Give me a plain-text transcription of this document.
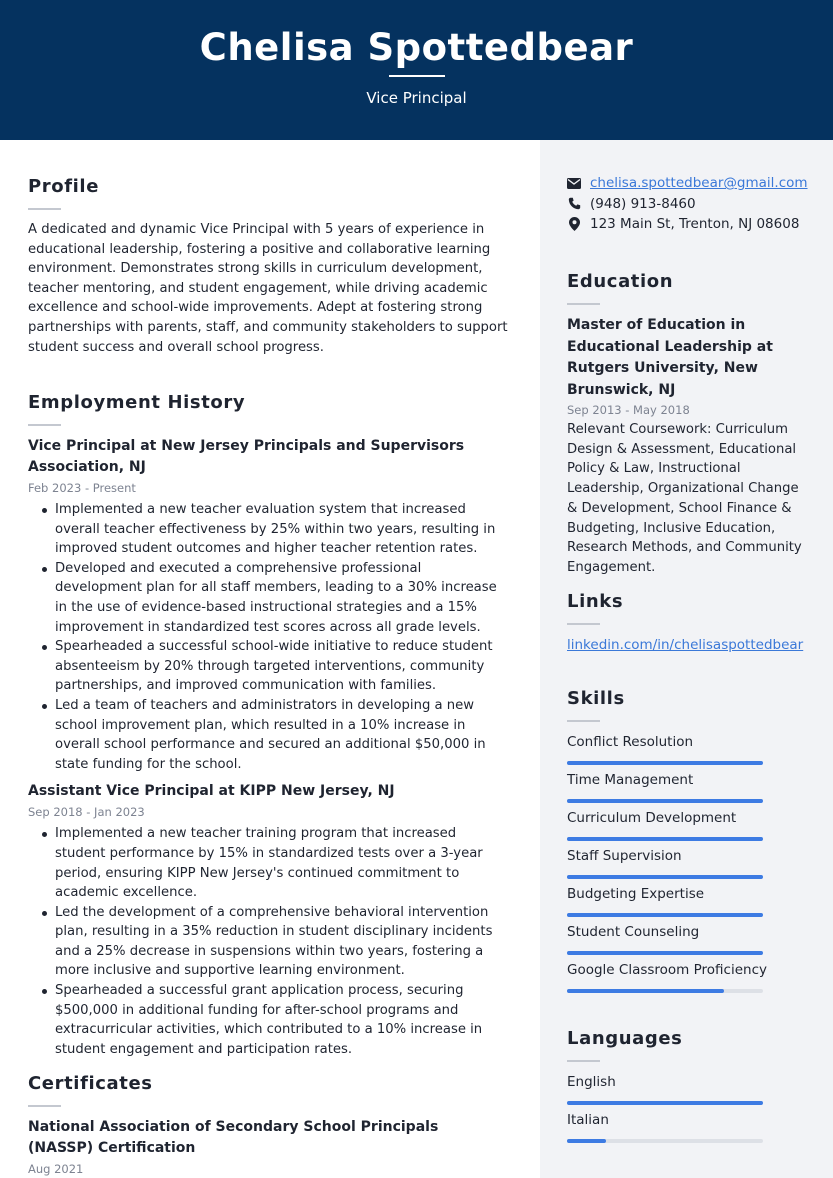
Chelisa Spottedbear
Vice Principal
Profile
A dedicated and dynamic Vice Principal with 5 years of experience in educational leadership, fostering a positive and collaborative learning environment. Demonstrates strong skills in curriculum development, teacher mentoring, and student engagement, while driving academic excellence and school-wide improvements. Adept at fostering strong partnerships with parents, staff, and community stakeholders to support student success and overall school progress.
Employment History
Vice Principal at New Jersey Principals and Supervisors Association, NJ
Feb 2023 - Present
Implemented a new teacher evaluation system that increased overall teacher effectiveness by 25% within two years, resulting in improved student outcomes and higher teacher retention rates.
Developed and executed a comprehensive professional development plan for all staff members, leading to a 30% increase in the use of evidence-based instructional strategies and a 15% improvement in standardized test scores across all grade levels.
Spearheaded a successful school-wide initiative to reduce student absenteeism by 20% through targeted interventions, community partnerships, and improved communication with families.
Led a team of teachers and administrators in developing a new school improvement plan, which resulted in a 10% increase in overall school performance and secured an additional $50,000 in state funding for the school.
Assistant Vice Principal at KIPP New Jersey, NJ
Sep 2018 - Jan 2023
Implemented a new teacher training program that increased student performance by 15% in standardized tests over a 3-year period, ensuring KIPP New Jersey's continued commitment to academic excellence.
Led the development of a comprehensive behavioral intervention plan, resulting in a 35% reduction in student disciplinary incidents and a 25% decrease in suspensions within two years, fostering a more inclusive and supportive learning environment.
Spearheaded a successful grant application process, securing $500,000 in additional funding for after-school programs and extracurricular activities, which contributed to a 10% increase in student engagement and participation rates.
Certificates
National Association of Secondary School Principals (NASSP) Certification
Aug 2021
chelisa.spottedbear@gmail.com
(948) 913-8460
123 Main St, Trenton, NJ 08608
Education
Master of Education in Educational Leadership at Rutgers University, New Brunswick, NJ
Sep 2013 - May 2018
Relevant Coursework: Curriculum Design & Assessment, Educational Policy & Law, Instructional Leadership, Organizational Change & Development, School Finance & Budgeting, Inclusive Education, Research Methods, and Community Engagement.
Links
linkedin.com/in/chelisaspottedbear
Skills
Conflict Resolution
Time Management
Curriculum Development
Staff Supervision
Budgeting Expertise
Student Counseling
Google Classroom Proficiency
Languages
English
Italian
